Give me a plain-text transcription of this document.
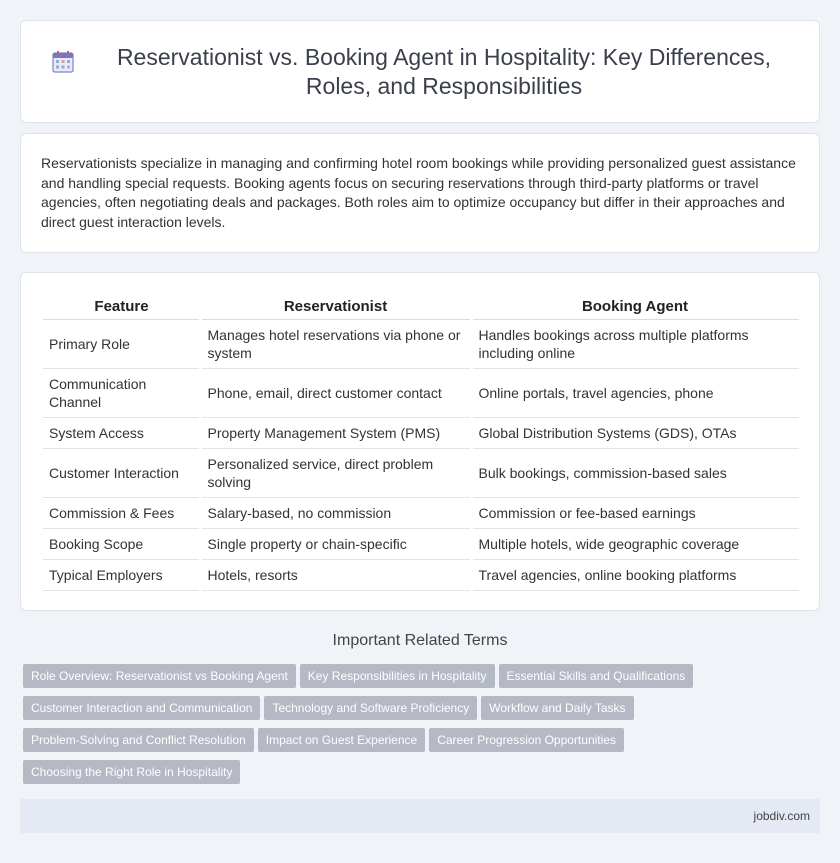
Reservationist vs. Booking Agent in Hospitality: Key Differences, Roles, and Responsibilities

Reservationists specialize in managing and confirming hotel room bookings while providing personalized guest assistance and handling special requests. Booking agents focus on securing reservations through third-party platforms or travel agencies, often negotiating deals and packages. Both roles aim to optimize occupancy but differ in their approaches and direct guest interaction levels.

Feature	Reservationist	Booking Agent
Primary Role	Manages hotel reservations via phone or system	Handles bookings across multiple platforms including online
Communication Channel	Phone, email, direct customer contact	Online portals, travel agencies, phone
System Access	Property Management System (PMS)	Global Distribution Systems (GDS), OTAs
Customer Interaction	Personalized service, direct problem solving	Bulk bookings, commission-based sales
Commission & Fees	Salary-based, no commission	Commission or fee-based earnings
Booking Scope	Single property or chain-specific	Multiple hotels, wide geographic coverage
Typical Employers	Hotels, resorts	Travel agencies, online booking platforms
Important Related Terms
Role Overview: Reservationist vs Booking Agent Key Responsibilities in Hospitality Essential Skills and Qualifications
Customer Interaction and Communication Technology and Software Proficiency Workflow and Daily Tasks
Problem-Solving and Conflict Resolution Impact on Guest Experience Career Progression Opportunities
Choosing the Right Role in Hospitality
jobdiv.com
